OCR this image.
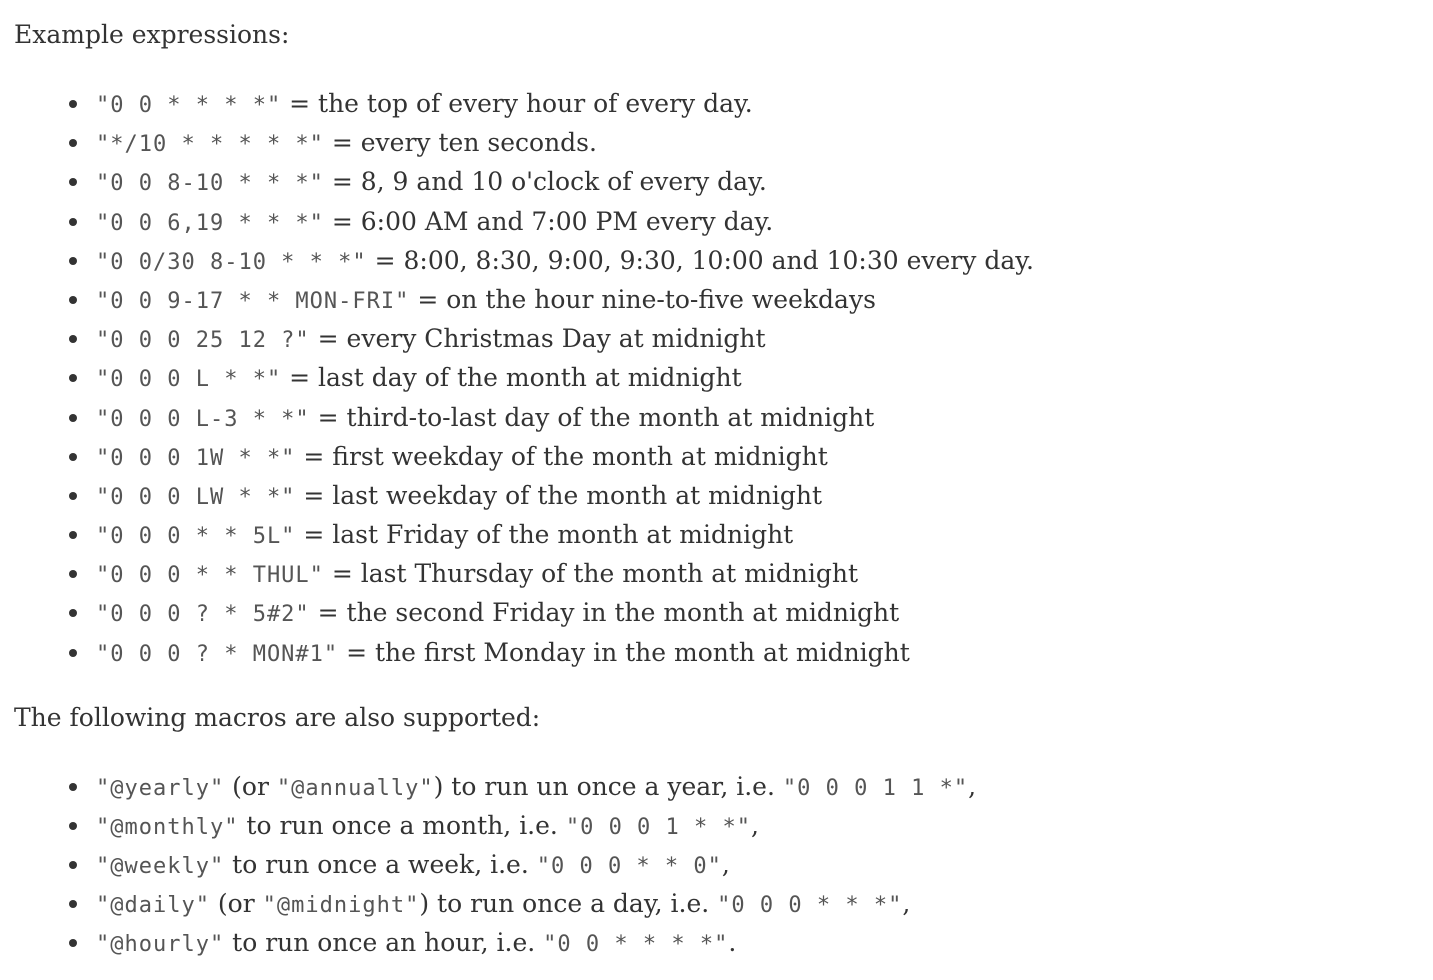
Example expressions:

"0 0 * * * *" = the top of every hour of every day.
"*/10 * * * * *" = every ten seconds.
"0 0 8-10 * * *" = 8, 9 and 10 o'clock of every day.
"0 0 6,19 * * *" = 6:00 AM and 7:00 PM every day.
"0 0/30 8-10 * * *" = 8:00, 8:30, 9:00, 9:30, 10:00 and 10:30 every day.
"0 0 9-17 * * MON-FRI" = on the hour nine-to-five weekdays
"0 0 0 25 12 ?" = every Christmas Day at midnight
"0 0 0 L * *" = last day of the month at midnight
"0 0 0 L-3 * *" = third-to-last day of the month at midnight
"0 0 0 1W * *" = first weekday of the month at midnight
"0 0 0 LW * *" = last weekday of the month at midnight
"0 0 0 * * 5L" = last Friday of the month at midnight
"0 0 0 * * THUL" = last Thursday of the month at midnight
"0 0 0 ? * 5#2" = the second Friday in the month at midnight
"0 0 0 ? * MON#1" = the first Monday in the month at midnight

The following macros are also supported:

"@yearly" (or "@annually") to run un once a year, i.e. "0 0 0 1 1 *",
"@monthly" to run once a month, i.e. "0 0 0 1 * *",
"@weekly" to run once a week, i.e. "0 0 0 * * 0",
"@daily" (or "@midnight") to run once a day, i.e. "0 0 0 * * *",
"@hourly" to run once an hour, i.e. "0 0 * * * *".
